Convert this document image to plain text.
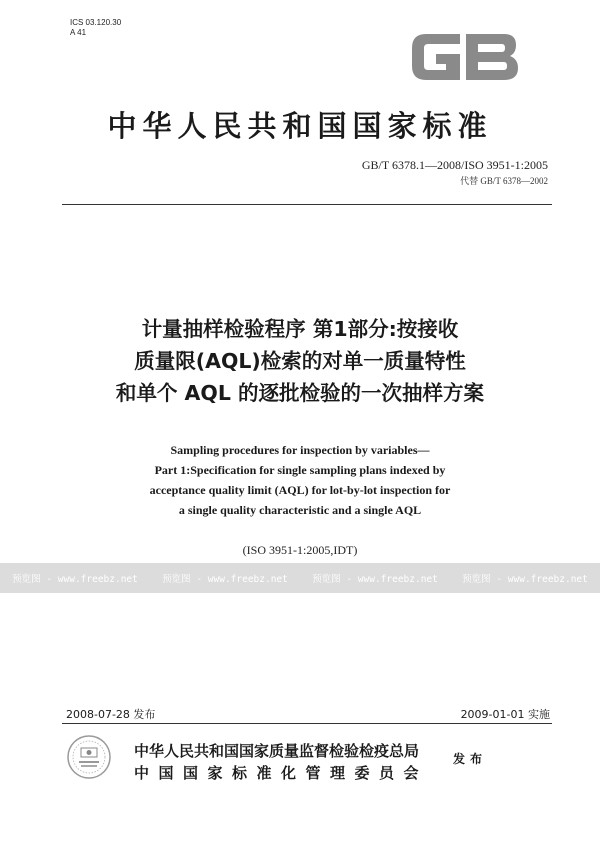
ICS 03.120.30
A 41
中华人民共和国国家标准
GB/T 6378.1—2008/ISO 3951-1:2005
代替 GB/T 6378—2002
计量抽样检验程序 第1部分:按接收
质量限(AQL)检索的对单一质量特性
和单个 AQL 的逐批检验的一次抽样方案
Sampling procedures for inspection by variables—
Part 1:Specification for single sampling plans indexed by
acceptance quality limit (AQL) for lot-by-lot inspection for
a single quality characteristic and a single AQL
(ISO 3951-1:2005,IDT)
预览图 - www.freebz.net	预览图 - www.freebz.net	预览图 - www.freebz.net	预览图 - www.freebz.net
2008-07-28 发布	2009-01-01 实施
中华人民共和国国家质量监督检验检疫总局
中国国家标准化管理委员会
发布
